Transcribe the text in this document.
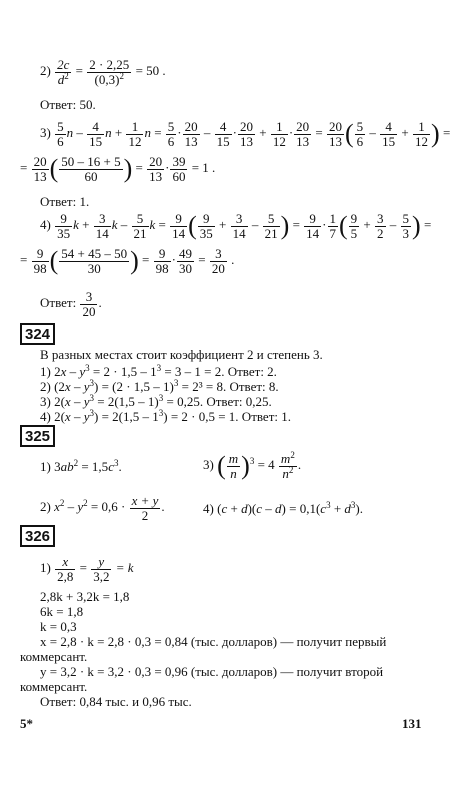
$2) \frac{2c}{d^2} = \frac{2 \cdot 2,25}{(0,3)^2} = 50$ .
Ответ: 50.
$3) \frac{5}{6}$ n – $\frac{4}{15}$ $n + \frac{1}{12}$ $n = \frac{5}{6} \cdot \frac{20}{13} - \frac{4}{15} \cdot \frac{20}{13} + \frac{1}{12} \cdot \frac{20}{13} = \frac{20}{13}$ ( $\frac{5}{6} - \frac{4}{15} + \frac{1}{12}$ ) =
= $\frac{20}{13}$ ( $\frac{50 - 16 + 5}{60}$ ) = $\frac{20}{13} \cdot \frac{39}{60} = 1$ .
Ответ: 1.
$4) \frac{9}{35}$ $k + \frac{3}{14}$ k – $\frac{5}{21}$ $k = \frac{9}{14}$ ( $\frac{9}{35} + \frac{3}{14} - \frac{5}{21}$ ) = $\frac{9}{14} \cdot \frac{1}{7}$ ( $\frac{9}{5} + \frac{3}{2} - \frac{5}{3}$ ) =
= $\frac{9}{98}$ ( $\frac{54 + 45 - 50}{30}$ ) = $\frac{9}{98} \cdot \frac{49}{30} = \frac{3}{20}$ .
Ответ: $\frac{3}{20}$ .
324
В разных местах стоит коэффициент 2 и степень 3.
1) $2x - y^3 = 2 \cdot 1,5 - 1^3 = 3 - 1 = 2$. Ответ: 2.
2) $(2x - y^3) = (2 \cdot 1,5 - 1)^3 = 2^3 = 8$. Ответ: 8.
3) $2(x - y^3 = 2(1,5 - 1)^3 = 0,25$. Ответ: 0,25.
4) $2(x - y^3) = 2(1,5 - 1^3) = 2 \cdot 0,5 = 1$. Ответ: 1.
325
1) $3ab^2 = 1,5c^3$.	3) ( $\frac{m}{n} )^3 = 4 \frac{m^2}{n^2}$ .
2) $x^2 - y^2 = 0,6 \cdot \frac{x + y}{2}$ .	4) $(c + d)(c - d) = 0,1(c^3 + d^3)$.
326
$1) \frac{x}{2,8} = \frac{y}{3,2} = k$
2,8k + 3,2k = 1,8
6k = 1,8
k = 0,3
x = 2,8 · k = 2,8 · 0,3 = 0,84 (тыс. долларов) — получит первый
коммерсант.
y = 3,2 · k = 3,2 · 0,3 = 0,96 (тыс. долларов) — получит второй
коммерсант.
Ответ: 0,84 тыс. и 0,96 тыс.
5*	131
